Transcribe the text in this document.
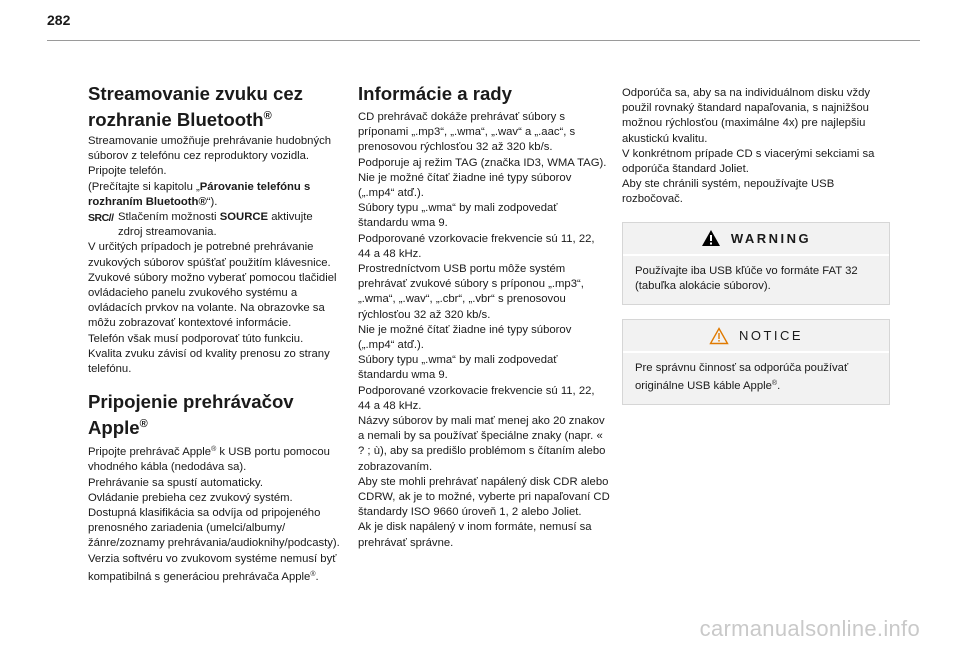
282
Streamovanie zvuku cez
rozhranie Bluetooth®

Streamovanie umožňuje prehrávanie hudobných súborov z telefónu cez reproduktory vozidla.

Pripojte telefón.

(Prečítajte si kapitolu „Párovanie telefónu s rozhraním Bluetooth®“).

SRC// Stlačením možnosti SOURCE aktivujte zdroj streamovania.

V určitých prípadoch je potrebné prehrávanie zvukových súborov spúšťať použitím klávesnice.

Zvukové súbory možno vyberať pomocou tlačidiel ovládacieho panelu zvukového systému a ovládacích prvkov na volante. Na obrazovke sa môžu zobrazovať kontextové informácie.

Telefón však musí podporovať túto funkciu.

Kvalita zvuku závisí od kvality prenosu zo strany telefónu.

Pripojenie prehrávačov
Apple®

Pripojte prehrávač Apple® k USB portu pomocou vhodného kábla (nedodáva sa).

Prehrávanie sa spustí automaticky.

Ovládanie prebieha cez zvukový systém.

Dostupná klasifikácia sa odvíja od pripojeného prenosného zariadenia (umelci/albumy/žánre/zoznamy prehrávania/audioknihy/podcasty).

Verzia softvéru vo zvukovom systéme nemusí byť kompatibilná s generáciou prehrávača Apple®.

Informácie a rady

CD prehrávač dokáže prehrávať súbory s príponami „.mp3“, „.wma“, „.wav“ a „.aac“, s prenosovou rýchlosťou 32 až 320 kb/s.

Podporuje aj režim TAG (značka ID3, WMA TAG).

Nie je možné čítať žiadne iné typy súborov („.mp4“ atď.).

Súbory typu „.wma“ by mali zodpovedať štandardu wma 9.

Podporované vzorkovacie frekvencie sú 11, 22, 44 a 48 kHz.

Prostredníctvom USB portu môže systém prehrávať zvukové súbory s príponou „.mp3“, „.wma“, „.wav“, „.cbr“, „.vbr“ s prenosovou rýchlosťou 32 až 320 kb/s.

Nie je možné čítať žiadne iné typy súborov („.mp4“ atď.).

Súbory typu „.wma“ by mali zodpovedať štandardu wma 9.

Podporované vzorkovacie frekvencie sú 11, 22, 44 a 48 kHz.

Názvy súborov by mali mať menej ako 20 znakov a nemali by sa používať špeciálne znaky (napr. « ? ; ù), aby sa predišlo problémom s čítaním alebo zobrazovaním.

Aby ste mohli prehrávať napálený disk CDR alebo CDRW, ak je to možné, vyberte pri napaľovaní CD štandardy ISO 9660 úroveň 1, 2 alebo Joliet.

Ak je disk napálený v inom formáte, nemusí sa prehrávať správne.

Odporúča sa, aby sa na individuálnom disku vždy použil rovnaký štandard napaľovania, s najnižšou možnou rýchlosťou (maximálne 4x) pre najlepšiu akustickú kvalitu.

V konkrétnom prípade CD s viacerými sekciami sa odporúča štandard Joliet.

Aby ste chránili systém, nepoužívajte USB rozbočovač.

WARNING
Používajte iba USB kľúče vo formáte FAT 32 (tabuľka alokácie súborov).
NOTICE
Pre správnu činnosť sa odporúča používať originálne USB káble Apple®.
carmanualsonline.info
